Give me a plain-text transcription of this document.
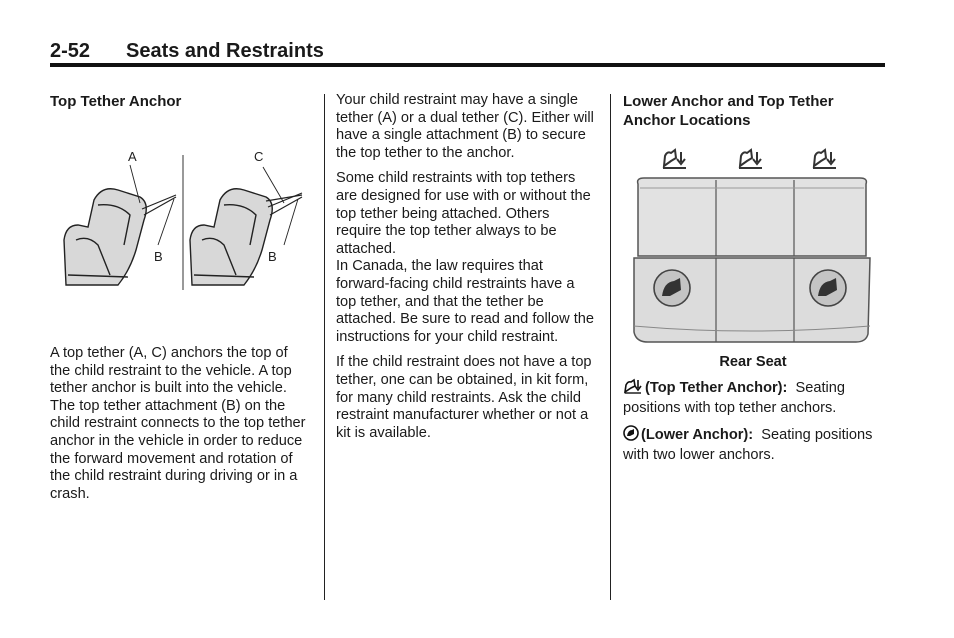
2-52 Seats and Restraints
Top Tether Anchor
A top tether (A, C) anchors the top of the child restraint to the vehicle. A top tether anchor is built into the vehicle. The top tether attachment (B) on the child restraint connects to the top tether anchor in the vehicle in order to reduce the forward movement and rotation of the child restraint during driving or in a crash.
A
B
C
B

Your child restraint may have a single tether (A) or a dual tether (C). Either will have a single attachment (B) to secure the top tether to the anchor.

Some child restraints with top tethers are designed for use with or without the top tether being attached. Others require the top tether always to be attached.

In Canada, the law requires that forward-facing child restraints have a top tether, and that the tether be attached. Be sure to read and follow the instructions for your child restraint.

If the child restraint does not have a top tether, one can be obtained, in kit form, for many child restraints. Ask the child restraint manufacturer whether or not a kit is available.

Lower Anchor and Top Tether Anchor Locations

(Top Tether Anchor): Seating positions with top tether anchors.

(Lower Anchor): Seating positions with two lower anchors.

Rear Seat
